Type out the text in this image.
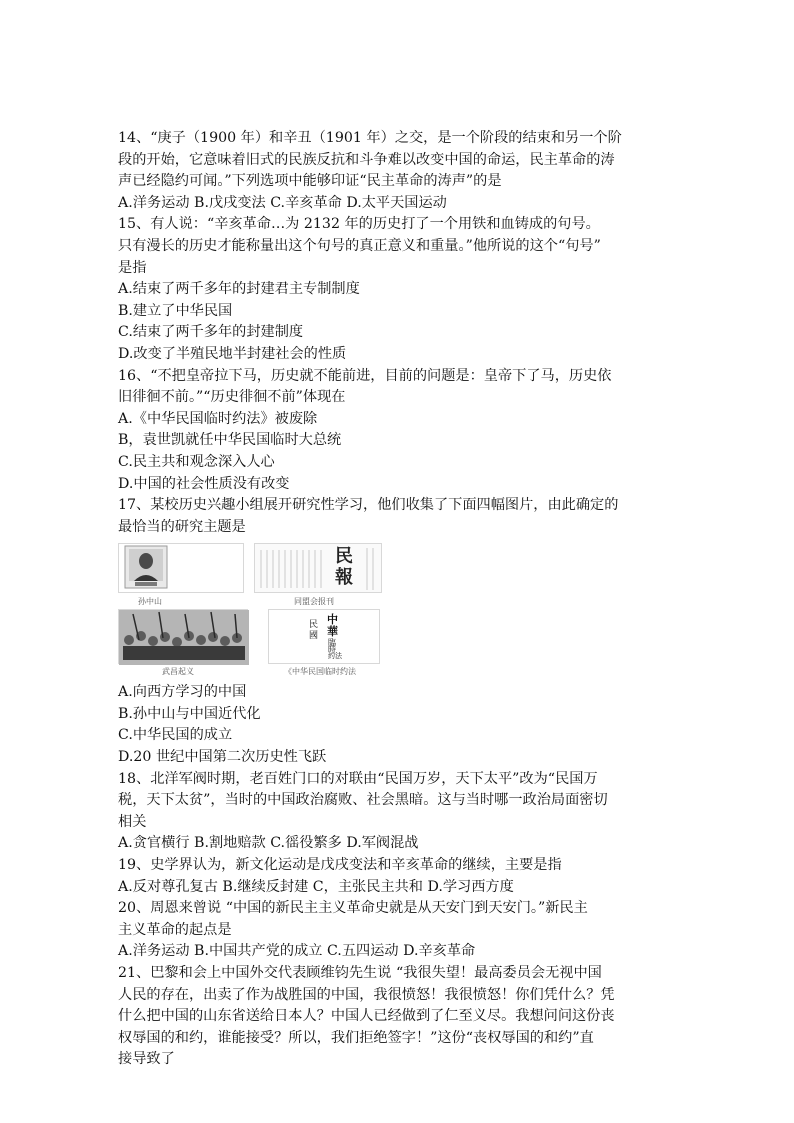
14、“庚子（1900 年）和辛丑（1901 年）之交，是一个阶段的结束和另一个阶

段的开始，它意味着旧式的民族反抗和斗争难以改变中国的命运，民主革命的涛

声已经隐约可闻。”下列选项中能够印证“民主革命的涛声”的是

A.洋务运动 B.戊戌变法 C.辛亥革命 D.太平天国运动

15、有人说：“辛亥革命…为 2132 年的历史打了一个用铁和血铸成的句号。

只有漫长的历史才能称量出这个句号的真正意义和重量。”他所说的这个“句号”

是指

A.结束了两千多年的封建君主专制制度

B.建立了中华民国

C.结束了两千多年的封建制度

D.改变了半殖民地半封建社会的性质

16、“不把皇帝拉下马，历史就不能前进，目前的问题是：皇帝下了马，历史依

旧徘徊不前。”“历史徘徊不前”体现在

A.《中华民国临时约法》被废除

B，袁世凯就任中华民国临时大总统

C.民主共和观念深入人心

D.中国的社会性质没有改变

17、某校历史兴趣小组展开研究性学习，他们收集了下面四幅图片，由此确定的

最恰当的研究主题是

孙中山
民報
同盟会报刊
武昌起义
中
華
民
國
臨
時
約 法
《中华民国临时约法

A.向西方学习的中国

B.孙中山与中国近代化

C.中华民国的成立

D.20 世纪中国第二次历史性飞跃

18、北洋军阀时期，老百姓门口的对联由“民国万岁，天下太平”改为“民国万

税，天下太贫”，当时的中国政治腐败、社会黑暗。这与当时哪一政治局面密切

相关

A.贪官横行 B.割地赔款 C.徭役繁多 D.军阀混战

19、史学界认为，新文化运动是戊戌变法和辛亥革命的继续，主要是指

A.反对尊孔复古 B.继续反封建 C，主张民主共和 D.学习西方度

20、周恩来曾说 “中国的新民主主义革命史就是从天安门到天安门。”新民主

主义革命的起点是

A.洋务运动 B.中国共产党的成立 C.五四运动 D.辛亥革命

21、巴黎和会上中国外交代表顾维钧先生说 “我很失望！最高委员会无视中国

人民的存在，出卖了作为战胜国的中国，我很愤怒！我很愤怒！你们凭什么？凭

什么把中国的山东省送给日本人？中国人已经做到了仁至义尽。我想问问这份丧

权辱国的和约，谁能接受？所以，我们拒绝签字！”这份“丧权辱国的和约”直

接导致了
